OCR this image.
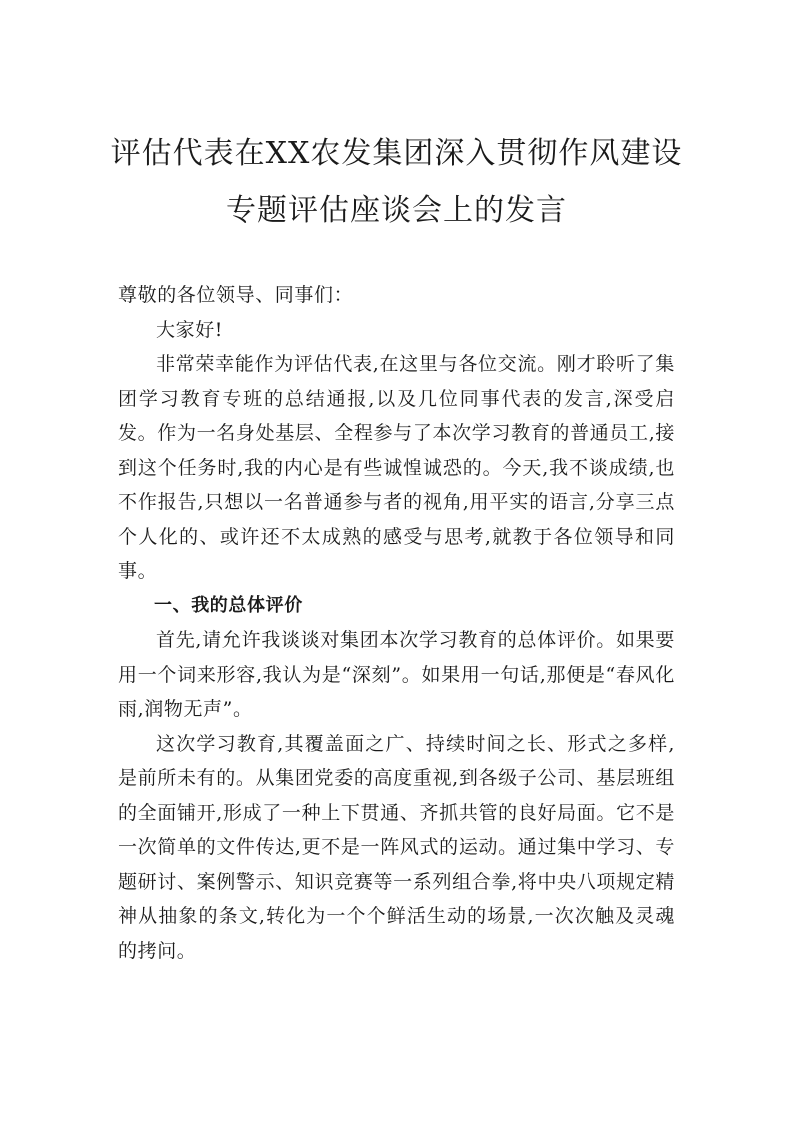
评估代表在XX农发集团深入贯彻作风建设
专题评估座谈会上的发言

尊敬的各位领导、同事们：

大家好!

非常荣幸能作为评估代表,在这里与各位交流。刚才聆听了集团学习教育专班的总结通报,以及几位同事代表的发言,深受启发。作为一名身处基层、全程参与了本次学习教育的普通员工,接到这个任务时,我的内心是有些诚惶诚恐的。今天,我不谈成绩,也不作报告,只想以一名普通参与者的视角,用平实的语言,分享三点个人化的、或许还不太成熟的感受与思考,就教于各位领导和同事。

一、我的总体评价

首先,请允许我谈谈对集团本次学习教育的总体评价。如果要用一个词来形容,我认为是“深刻”。如果用一句话,那便是“春风化雨,润物无声”。

这次学习教育,其覆盖面之广、持续时间之长、形式之多样,是前所未有的。从集团党委的高度重视,到各级子公司、基层班组的全面铺开,形成了一种上下贯通、齐抓共管的良好局面。它不是一次简单的文件传达,更不是一阵风式的运动。通过集中学习、专题研讨、案例警示、知识竞赛等一系列组合拳,将中央八项规定精神从抽象的条文,转化为一个个鲜活生动的场景,一次次触及灵魂的拷问。
